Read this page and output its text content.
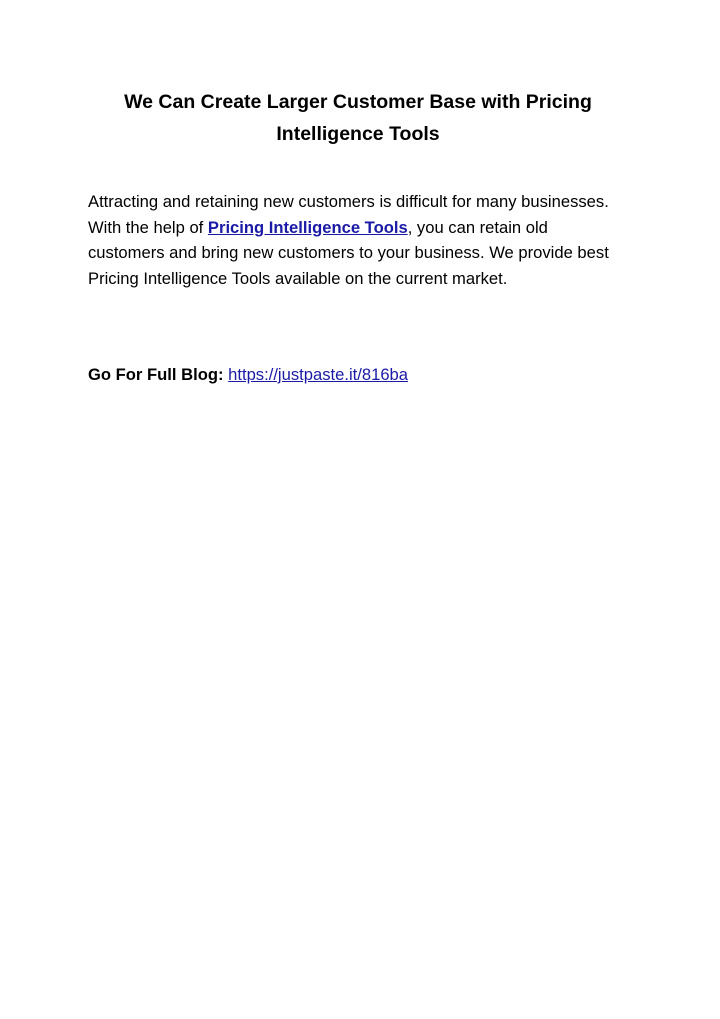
We Can Create Larger Customer Base with Pricing Intelligence Tools

Attracting and retaining new customers is difficult for many businesses. With the help of Pricing Intelligence Tools, you can retain old customers and bring new customers to your business. We provide best Pricing Intelligence Tools available on the current market.

Go For Full Blog: https://justpaste.it/816ba
